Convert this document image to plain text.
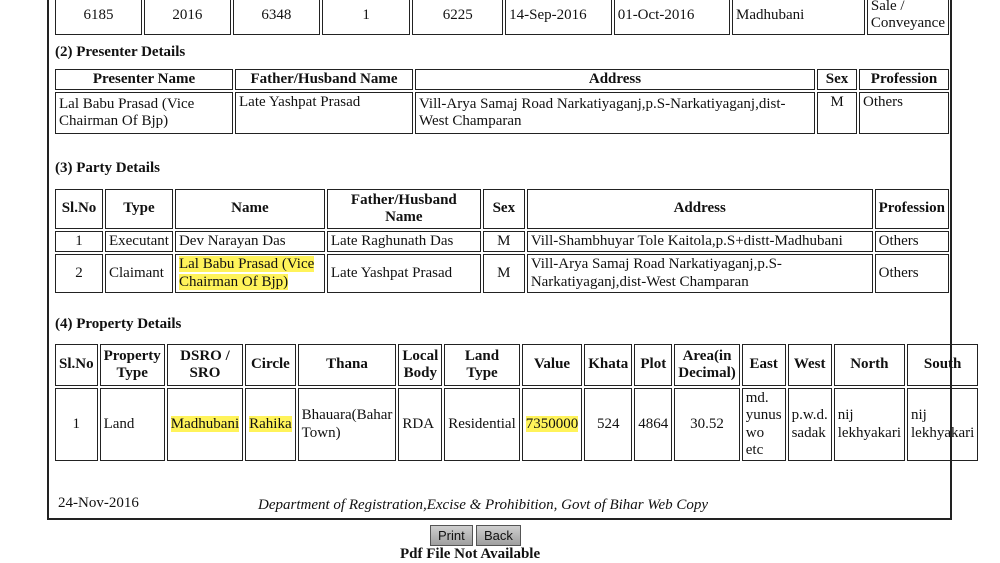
6185	2016	6348	1	6225	14-Sep-2016	01-Oct-2016	Madhubani	Sale / Conveyance
(2) Presenter Details
Presenter Name	Father/Husband Name	Address	Sex	Profession
Lal Babu Prasad (Vice Chairman Of Bjp)	Late Yashpat Prasad	Vill-Arya Samaj Road Narkatiyaganj,p.S-Narkatiyaganj,dist-West Champaran	M	Others
(3) Party Details
Sl.No	Type	Name	Father/Husband Name	Sex	Address	Profession
1	Executant	Dev Narayan Das	Late Raghunath Das	M	Vill-Shambhuyar Tole Kaitola,p.S+distt-Madhubani	Others
2	Claimant	Lal Babu Prasad (Vice Chairman Of Bjp)	Late Yashpat Prasad	M	Vill-Arya Samaj Road Narkatiyaganj,p.S-Narkatiyaganj,dist-West Champaran	Others
(4) Property Details
Sl.No	Property Type	DSRO / SRO	Circle	Thana	Local Body	Land Type	Value	Khata	Plot	Area(in Decimal)	East	West	North	South
1	Land	Madhubani	Rahika	Bhauara(Bahar Town)	RDA	Residential	7350000	524	4864	30.52	md. yunus wo etc	p.w.d. sadak	nij lekhyakari	nij lekhyakari
24-Nov-2016	Department of Registration,Excise & Prohibition, Govt of Bihar Web Copy
Print	Back
Pdf File Not Available
